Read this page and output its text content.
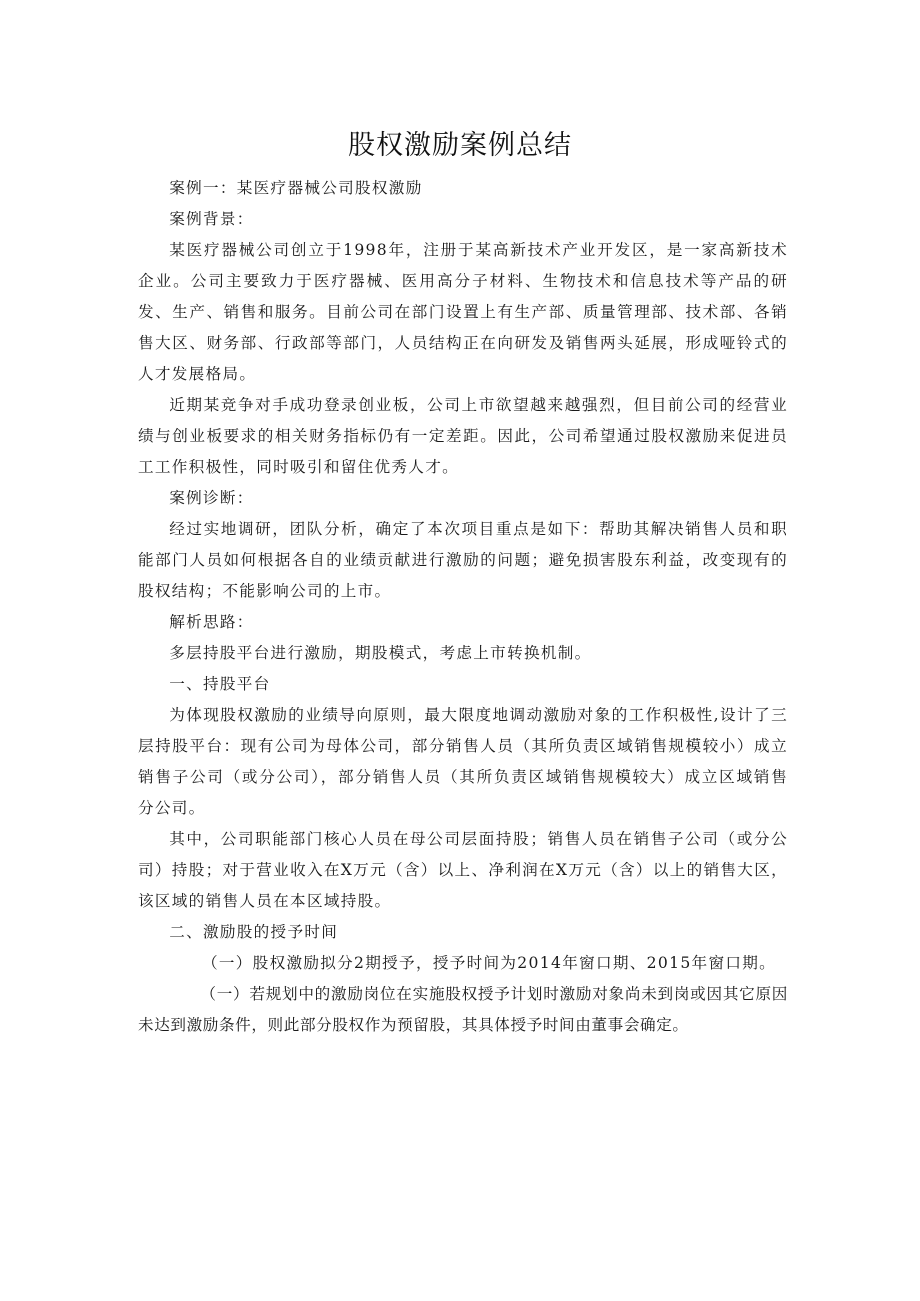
股权激励案例总结

案例一：某医疗器械公司股权激励

案例背景：

某医疗器械公司创立于1998年，注册于某高新技术产业开发区，是一家高新技术企业。公司主要致力于医疗器械、医用高分子材料、生物技术和信息技术等产品的研发、生产、销售和服务。目前公司在部门设置上有生产部、质量管理部、技术部、各销售大区、财务部、行政部等部门，人员结构正在向研发及销售两头延展，形成哑铃式的人才发展格局。

近期某竞争对手成功登录创业板，公司上市欲望越来越强烈，但目前公司的经营业绩与创业板要求的相关财务指标仍有一定差距。因此，公司希望通过股权激励来促进员工工作积极性，同时吸引和留住优秀人才。

案例诊断：

经过实地调研，团队分析，确定了本次项目重点是如下：帮助其解决销售人员和职能部门人员如何根据各自的业绩贡献进行激励的问题；避免损害股东利益，改变现有的股权结构；不能影响公司的上市。

解析思路：

多层持股平台进行激励，期股模式，考虑上市转换机制。

一、持股平台

为体现股权激励的业绩导向原则，最大限度地调动激励对象的工作积极性,设计了三层持股平台：现有公司为母体公司，部分销售人员（其所负责区域销售规模较小）成立销售子公司（或分公司），部分销售人员（其所负责区域销售规模较大）成立区域销售分公司。

其中，公司职能部门核心人员在母公司层面持股；销售人员在销售子公司（或分公司）持股；对于营业收入在X万元（含）以上、净利润在X万元（含）以上的销售大区，该区域的销售人员在本区域持股。

二、激励股的授予时间

（一）股权激励拟分2期授予，授予时间为2014年窗口期、2015年窗口期。

（一）若规划中的激励岗位在实施股权授予计划时激励对象尚未到岗或因其它原因未达到激励条件，则此部分股权作为预留股，其具体授予时间由董事会确定。
